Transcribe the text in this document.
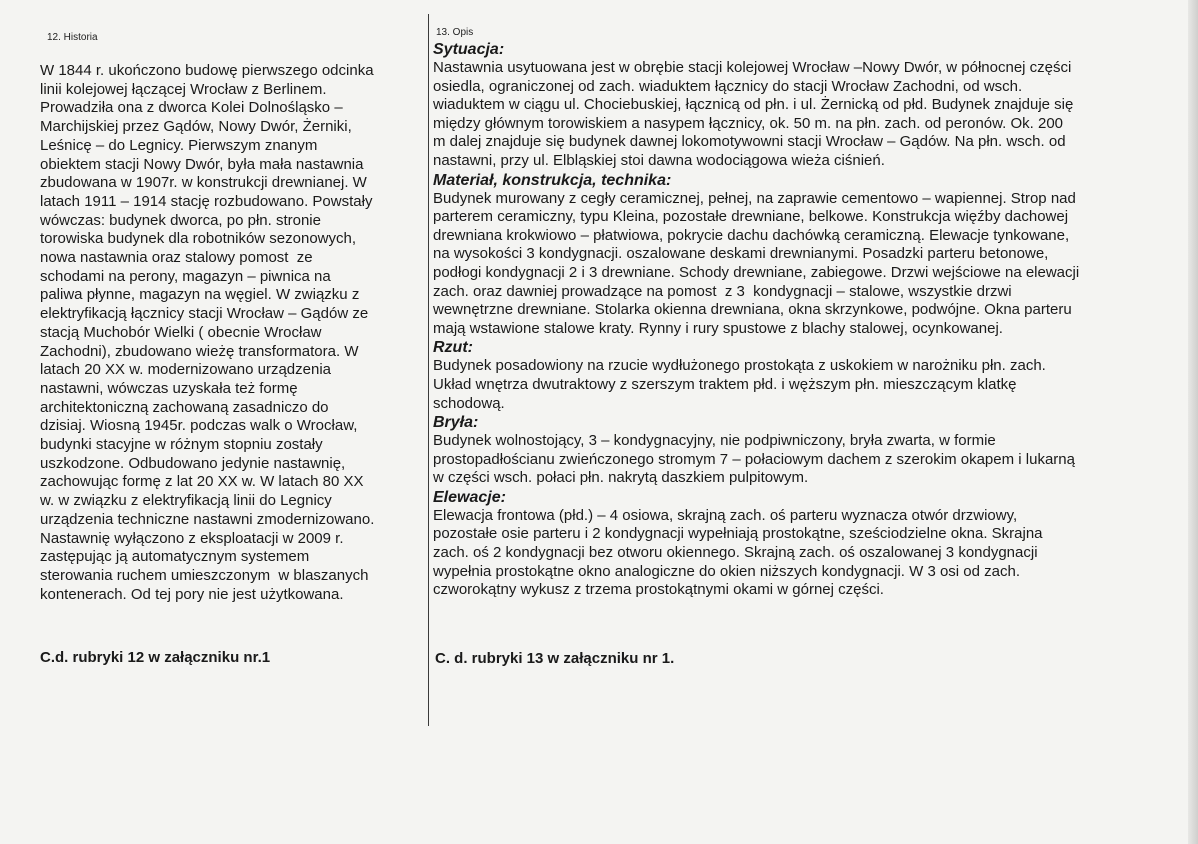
12. Historia

W 1844 r. ukończono budowę pierwszego odcinka
linii kolejowej łączącej Wrocław z Berlinem.
Prowadziła ona z dworca Kolei Dolnośląsko –
Marchijskiej przez Gądów, Nowy Dwór, Żerniki,
Leśnicę – do Legnicy. Pierwszym znanym
obiektem stacji Nowy Dwór, była mała nastawnia
zbudowana w 1907r. w konstrukcji drewnianej. W
latach 1911 – 1914 stację rozbudowano. Powstały
wówczas: budynek dworca, po płn. stronie
torowiska budynek dla robotników sezonowych,
nowa nastawnia oraz stalowy pomost  ze
schodami na perony, magazyn – piwnica na
paliwa płynne, magazyn na węgiel. W związku z
elektryfikacją łącznicy stacji Wrocław – Gądów ze
stacją Muchobór Wielki ( obecnie Wrocław
Zachodni), zbudowano wieżę transformatora. W
latach 20 XX w. modernizowano urządzenia
nastawni, wówczas uzyskała też formę
architektoniczną zachowaną zasadniczo do
dzisiaj. Wiosną 1945r. podczas walk o Wrocław,
budynki stacyjne w różnym stopniu zostały
uszkodzone. Odbudowano jedynie nastawnię,
zachowując formę z lat 20 XX w. W latach 80 XX
w. w związku z elektryfikacją linii do Legnicy
urządzenia techniczne nastawni zmodernizowano.
Nastawnię wyłączono z eksploatacji w 2009 r.
zastępując ją automatycznym systemem
sterowania ruchem umieszczonym  w blaszanych
kontenerach. Od tej pory nie jest użytkowana.

C.d. rubryki 12 w załączniku nr.1

13. Opis

Sytuacja:

Nastawnia usytuowana jest w obrębie stacji kolejowej Wrocław –Nowy Dwór, w północnej części
osiedla, ograniczonej od zach. wiaduktem łącznicy do stacji Wrocław Zachodni, od wsch.
wiaduktem w ciągu ul. Chociebuskiej, łącznicą od płn. i ul. Żernicką od płd. Budynek znajduje się
między głównym torowiskiem a nasypem łącznicy, ok. 50 m. na płn. zach. od peronów. Ok. 200
m dalej znajduje się budynek dawnej lokomotywowni stacji Wrocław – Gądów. Na płn. wsch. od
nastawni, przy ul. Elbląskiej stoi dawna wodociągowa wieża ciśnień.

Materiał, konstrukcja, technika:

Budynek murowany z cegły ceramicznej, pełnej, na zaprawie cementowo – wapiennej. Strop nad
parterem ceramiczny, typu Kleina, pozostałe drewniane, belkowe. Konstrukcja więźby dachowej
drewniana krokwiowo – płatwiowa, pokrycie dachu dachówką ceramiczną. Elewacje tynkowane,
na wysokości 3 kondygnacji. oszalowane deskami drewnianymi. Posadzki parteru betonowe,
podłogi kondygnacji 2 i 3 drewniane. Schody drewniane, zabiegowe. Drzwi wejściowe na elewacji
zach. oraz dawniej prowadzące na pomost  z 3  kondygnacji – stalowe, wszystkie drzwi
wewnętrzne drewniane. Stolarka okienna drewniana, okna skrzynkowe, podwójne. Okna parteru
mają wstawione stalowe kraty. Rynny i rury spustowe z blachy stalowej, ocynkowanej.

Rzut:

Budynek posadowiony na rzucie wydłużonego prostokąta z uskokiem w narożniku płn. zach.
Układ wnętrza dwutraktowy z szerszym traktem płd. i węższym płn. mieszczącym klatkę
schodową.

Bryła:

Budynek wolnostojący, 3 – kondygnacyjny, nie podpiwniczony, bryła zwarta, w formie
prostopadłościanu zwieńczonego stromym 7 – połaciowym dachem z szerokim okapem i lukarną
w części wsch. połaci płn. nakrytą daszkiem pulpitowym.

Elewacje:

Elewacja frontowa (płd.) – 4 osiowa, skrajną zach. oś parteru wyznacza otwór drzwiowy,
pozostałe osie parteru i 2 kondygnacji wypełniają prostokątne, sześciodzielne okna. Skrajna
zach. oś 2 kondygnacji bez otworu okiennego. Skrajną zach. oś oszalowanej 3 kondygnacji
wypełnia prostokątne okno analogiczne do okien niższych kondygnacji. W 3 osi od zach.
czworokątny wykusz z trzema prostokątnymi okami w górnej części.

C. d. rubryki 13 w załączniku nr 1.
